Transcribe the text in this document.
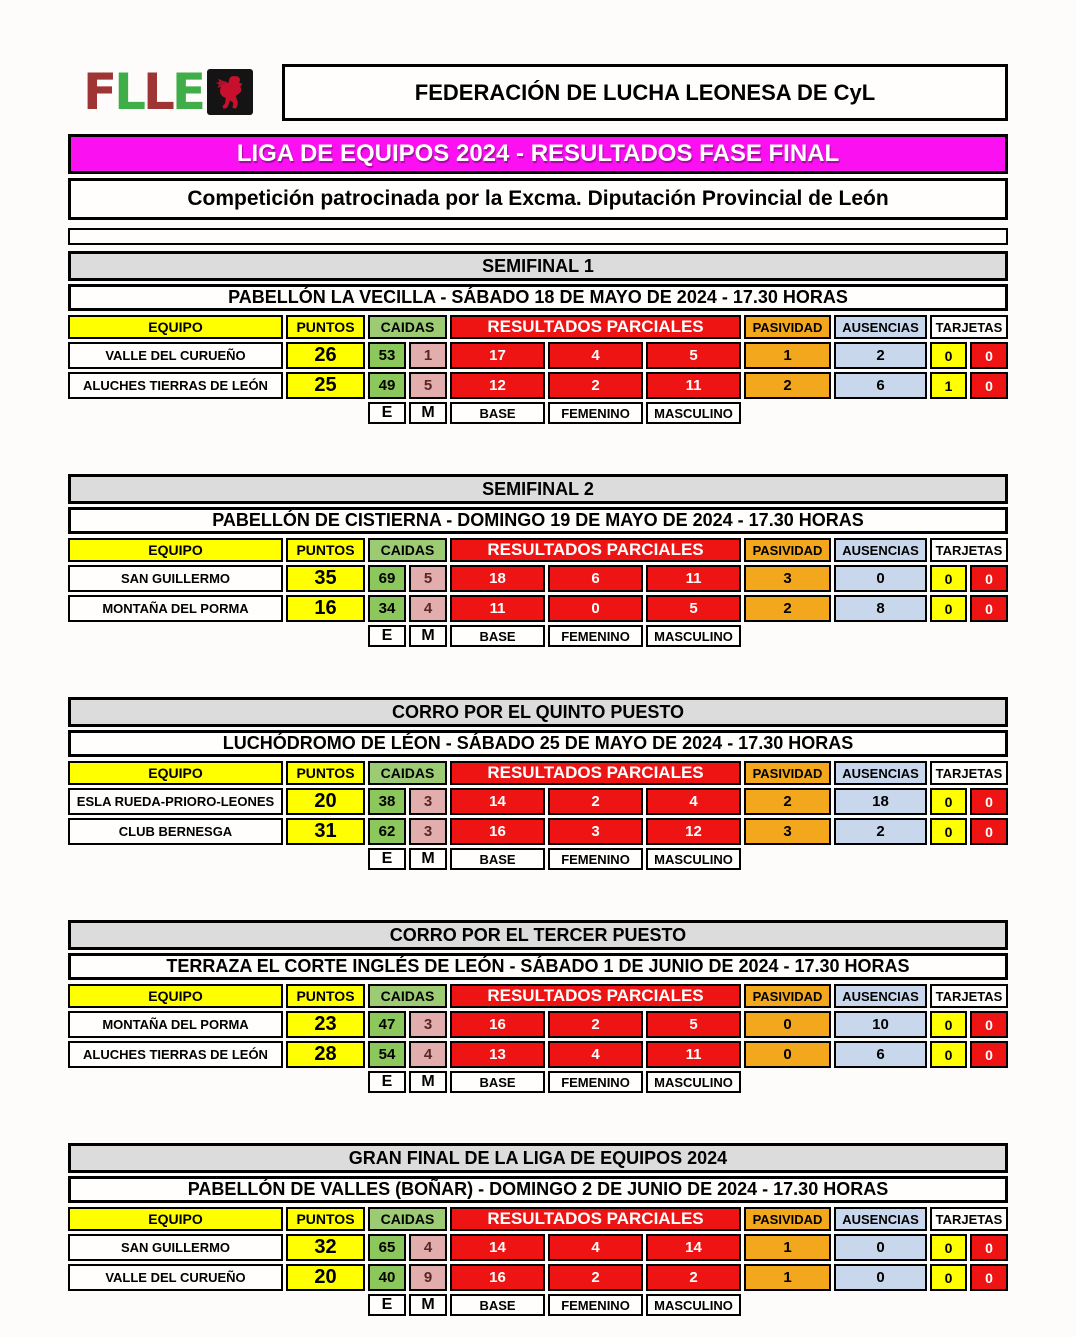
F L L E	FEDERACIÓN DE LUCHA LEONESA DE CyL
LIGA DE EQUIPOS 2024 - RESULTADOS FASE FINAL
Competición patrocinada por la Excma. Diputación Provincial de León
SEMIFINAL 1
PABELLÓN LA VECILLA - SÁBADO 18 DE MAYO DE 2024 - 17.30 HORAS
EQUIPO	PUNTOS	CAIDAS	RESULTADOS PARCIALES	PASIVIDAD	AUSENCIAS	TARJETAS
VALLE DEL CURUEÑO	26	53	1	17	4	5	1	2	0	0
ALUCHES TIERRAS DE LEÓN	25	49	5	12	2	11	2	6	1	0
E	M	BASE	FEMENINO	MASCULINO
SEMIFINAL 2
PABELLÓN DE CISTIERNA - DOMINGO 19 DE MAYO DE 2024 - 17.30 HORAS
EQUIPO	PUNTOS	CAIDAS	RESULTADOS PARCIALES	PASIVIDAD	AUSENCIAS	TARJETAS
SAN GUILLERMO	35	69	5	18	6	11	3	0	0	0
MONTAÑA DEL PORMA	16	34	4	11	0	5	2	8	0	0
E	M	BASE	FEMENINO	MASCULINO
CORRO POR EL QUINTO PUESTO
LUCHÓDROMO DE LÉON - SÁBADO 25 DE MAYO DE 2024 - 17.30 HORAS
EQUIPO	PUNTOS	CAIDAS	RESULTADOS PARCIALES	PASIVIDAD	AUSENCIAS	TARJETAS
ESLA RUEDA-PRIORO-LEONES	20	38	3	14	2	4	2	18	0	0
CLUB BERNESGA	31	62	3	16	3	12	3	2	0	0
E	M	BASE	FEMENINO	MASCULINO
CORRO POR EL TERCER PUESTO
TERRAZA EL CORTE INGLÉS DE LEÓN - SÁBADO 1 DE JUNIO DE 2024 - 17.30 HORAS
EQUIPO	PUNTOS	CAIDAS	RESULTADOS PARCIALES	PASIVIDAD	AUSENCIAS	TARJETAS
MONTAÑA DEL PORMA	23	47	3	16	2	5	0	10	0	0
ALUCHES TIERRAS DE LEÓN	28	54	4	13	4	11	0	6	0	0
E	M	BASE	FEMENINO	MASCULINO
GRAN FINAL DE LA LIGA DE EQUIPOS 2024
PABELLÓN DE VALLES (BOÑAR) - DOMINGO 2 DE JUNIO DE 2024 - 17.30 HORAS
EQUIPO	PUNTOS	CAIDAS	RESULTADOS PARCIALES	PASIVIDAD	AUSENCIAS	TARJETAS
SAN GUILLERMO	32	65	4	14	4	14	1	0	0	0
VALLE DEL CURUEÑO	20	40	9	16	2	2	1	0	0	0
E	M	BASE	FEMENINO	MASCULINO
